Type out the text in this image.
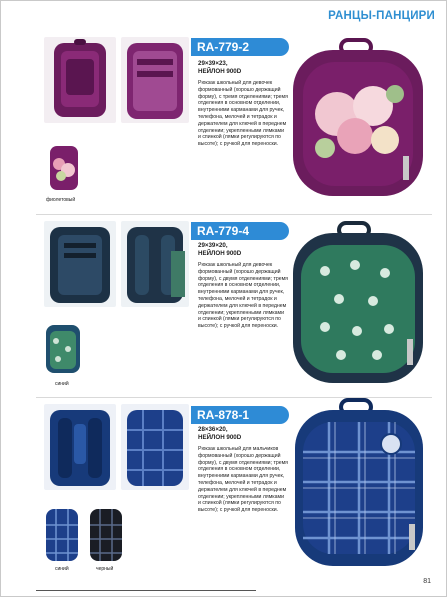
РАНЦЫ-ПАНЦИРИ
фиолетовый
RA-779-2
29×39×23,
НЕЙЛОН 900D
Рюкзак школьный для девочек формованный (хорошо держащий форму), с тремя отделениями; тремя отделения в основном отделении, внутренними карманами для ручек, телефона, мелочей и тетрадок и держателем для ключей в переднем отделении; укрепленными лямками и спинкой (лямки регулируются по высоте); с ручкой для переноски.
синий
RA-779-4
29×39×20,
НЕЙЛОН 900D
Рюкзак школьный для девочек формованный (хорошо держащий форму), с двумя отделениями; тремя отделения в основном отделении, внутренними карманами для ручек, телефона, мелочей и тетрадок и держателем для ключей в переднем отделении; укрепленными лямками и спинкой (лямки регулируются по высоте); с ручкой для переноски.
синий	черный
RA-878-1
28×36×20,
НЕЙЛОН 900D
Рюкзак школьный для мальчиков формованный (хорошо держащий форму), с двумя отделениями; тремя отделения в основном отделении, внутренними карманами для ручек, телефона, мелочей и тетрадок и держателем для ключей в переднем отделении; укрепленными лямками и спинкой (лямки регулируются по высоте); с ручкой для переноски.
81
